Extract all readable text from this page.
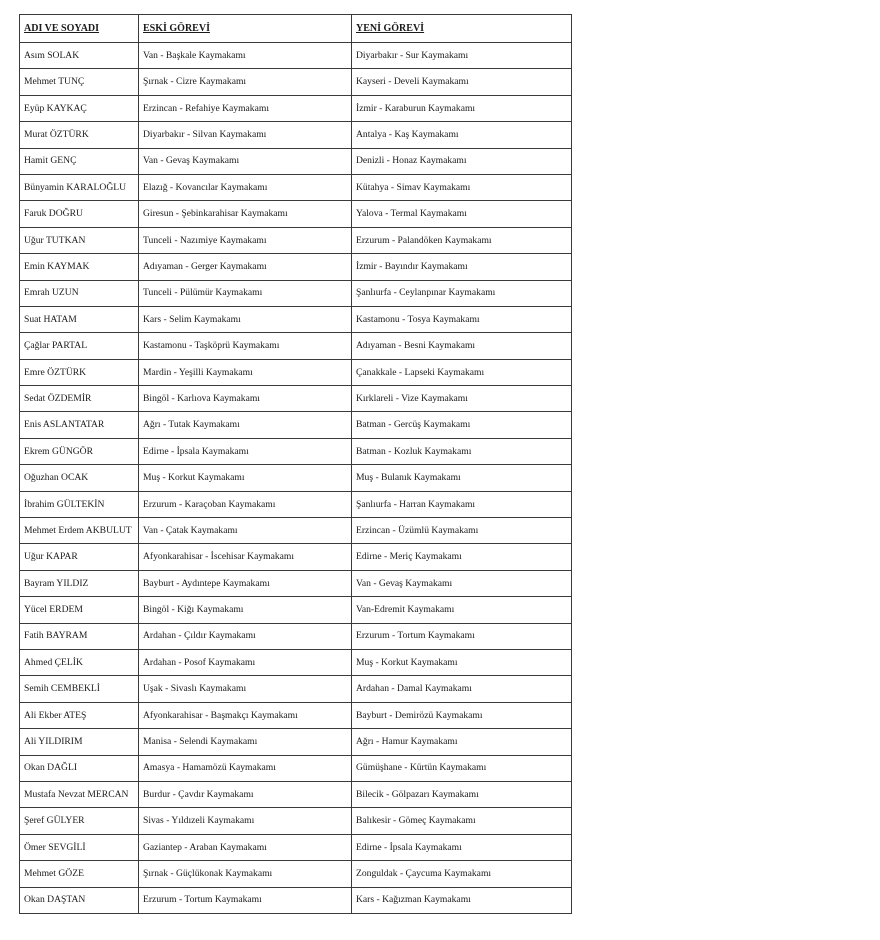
ADI VE SOYADI	ESKİ GÖREVİ	YENİ GÖREVİ
Asım SOLAK	Van - Başkale Kaymakamı	Diyarbakır - Sur Kaymakamı
Mehmet TUNÇ	Şırnak - Cizre Kaymakamı	Kayseri - Develi Kaymakamı
Eyüp KAYKAÇ	Erzincan - Refahiye Kaymakamı	İzmir - Karaburun Kaymakamı
Murat ÖZTÜRK	Diyarbakır - Silvan Kaymakamı	Antalya - Kaş Kaymakamı
Hamit GENÇ	Van - Gevaş Kaymakamı	Denizli - Honaz Kaymakamı
Bünyamin KARALOĞLU	Elazığ - Kovancılar Kaymakamı	Kütahya - Simav Kaymakamı
Faruk DOĞRU	Giresun - Şebinkarahisar Kaymakamı	Yalova - Termal Kaymakamı
Uğur TUTKAN	Tunceli - Nazımiye Kaymakamı	Erzurum - Palandöken Kaymakamı
Emin KAYMAK	Adıyaman - Gerger Kaymakamı	İzmir - Bayındır Kaymakamı
Emrah UZUN	Tunceli - Pülümür Kaymakamı	Şanlıurfa - Ceylanpınar Kaymakamı
Suat HATAM	Kars - Selim Kaymakamı	Kastamonu - Tosya Kaymakamı
Çağlar PARTAL	Kastamonu - Taşköprü Kaymakamı	Adıyaman - Besni Kaymakamı
Emre ÖZTÜRK	Mardin - Yeşilli Kaymakamı	Çanakkale - Lapseki Kaymakamı
Sedat ÖZDEMİR	Bingöl - Karlıova Kaymakamı	Kırklareli - Vize Kaymakamı
Enis ASLANTATAR	Ağrı - Tutak Kaymakamı	Batman - Gercüş Kaymakamı
Ekrem GÜNGÖR	Edirne - İpsala Kaymakamı	Batman - Kozluk Kaymakamı
Oğuzhan OCAK	Muş - Korkut Kaymakamı	Muş - Bulanık Kaymakamı
İbrahim GÜLTEKİN	Erzurum - Karaçoban Kaymakamı	Şanlıurfa - Harran Kaymakamı
Mehmet Erdem AKBULUT	Van - Çatak Kaymakamı	Erzincan - Üzümlü Kaymakamı
Uğur KAPAR	Afyonkarahisar - İscehisar Kaymakamı	Edirne - Meriç Kaymakamı
Bayram YILDIZ	Bayburt - Aydıntepe Kaymakamı	Van - Gevaş Kaymakamı
Yücel ERDEM	Bingöl - Kiğı Kaymakamı	Van-Edremit Kaymakamı
Fatih BAYRAM	Ardahan - Çıldır Kaymakamı	Erzurum - Tortum Kaymakamı
Ahmed ÇELİK	Ardahan - Posof Kaymakamı	Muş - Korkut Kaymakamı
Semih CEMBEKLİ	Uşak - Sivaslı Kaymakamı	Ardahan - Damal Kaymakamı
Ali Ekber ATEŞ	Afyonkarahisar - Başmakçı Kaymakamı	Bayburt - Demirözü Kaymakamı
Ali YILDIRIM	Manisa - Selendi Kaymakamı	Ağrı - Hamur Kaymakamı
Okan DAĞLI	Amasya - Hamamözü Kaymakamı	Gümüşhane - Kürtün Kaymakamı
Mustafa Nevzat MERCAN	Burdur - Çavdır Kaymakamı	Bilecik - Gölpazarı Kaymakamı
Şeref GÜLYER	Sivas - Yıldızeli Kaymakamı	Balıkesir - Gömeç Kaymakamı
Ömer SEVGİLİ	Gaziantep - Araban Kaymakamı	Edirne - İpsala Kaymakamı
Mehmet GÖZE	Şırnak - Güçlükonak Kaymakamı	Zonguldak - Çaycuma Kaymakamı
Okan DAŞTAN	Erzurum - Tortum Kaymakamı	Kars - Kağızman Kaymakamı
